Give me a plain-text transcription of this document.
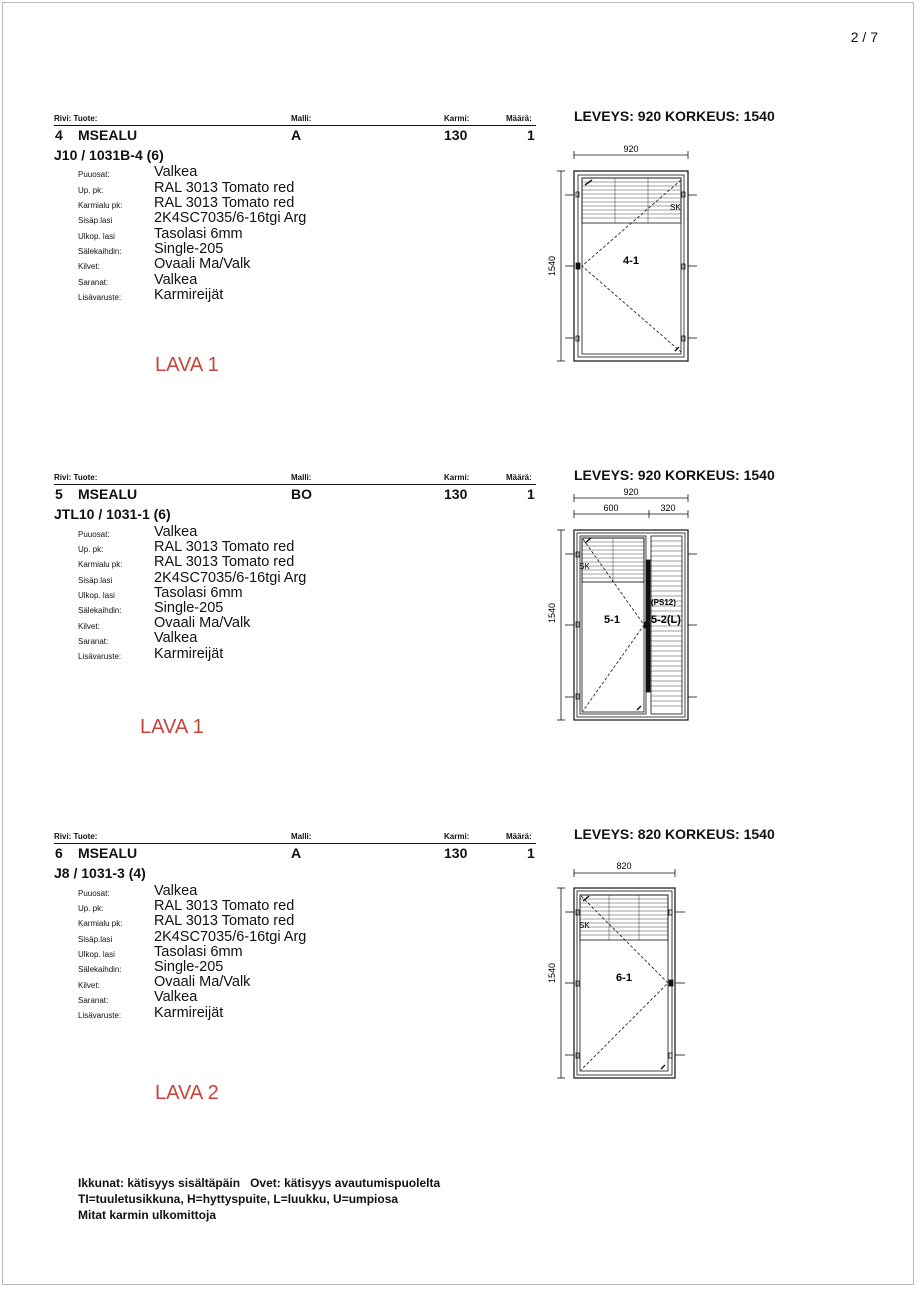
2 / 7
Rivi: Tuote:	Malli:	Karmi:	Määrä:
4 MSEALU	A	130	1
J10 / 1031B-4 (6)
Puuosat:	Valkea
Up. pk:	RAL 3013 Tomato red
Karmialu pk: RAL 3013 Tomato red
Sisäp.lasi	2K4SC7035/6-16tgi Arg
Ulkop. lasi	Tasolasi 6mm
Sälekaihdin: Single-205
Kilvet:	Ovaali Ma/Valk
Saranat:	Valkea
Lisävaruste: Karmireijät
LAVA 1
LEVEYS: 920 KORKEUS: 1540
920
1540	4-1
SK
Rivi: Tuote:	Malli:	Karmi:	Määrä:
5 MSEALU	BO	130	1
JTL10 / 1031-1 (6)
Puuosat:	Valkea
Up. pk:	RAL 3013 Tomato red
Karmialu pk: RAL 3013 Tomato red
Sisäp.lasi	2K4SC7035/6-16tgi Arg
Ulkop. lasi	Tasolasi 6mm
Sälekaihdin: Single-205
Kilvet:	Ovaali Ma/Valk
Saranat:	Valkea
Lisävaruste: Karmireijät
LAVA 1
LEVEYS: 920 KORKEUS: 1540
920
600	320
1540	5-1
(PS12)
5-2(L)
SK
Rivi: Tuote:	Malli:	Karmi:	Määrä:
6 MSEALU	A	130	1
J8 / 1031-3 (4)
Puuosat:	Valkea
Up. pk:	RAL 3013 Tomato red
Karmialu pk: RAL 3013 Tomato red
Sisäp.lasi	2K4SC7035/6-16tgi Arg
Ulkop. lasi	Tasolasi 6mm
Sälekaihdin: Single-205
Kilvet:	Ovaali Ma/Valk
Saranat:	Valkea
Lisävaruste: Karmireijät
LAVA 2
LEVEYS: 820 KORKEUS: 1540
820
1540	6-1
SK
Ikkunat: kätisyys sisältäpäin   Ovet: kätisyys avautumispuolelta
TI=tuuletusikkuna, H=hyttyspuite, L=luukku, U=umpiosa
Mitat karmin ulkomittoja
